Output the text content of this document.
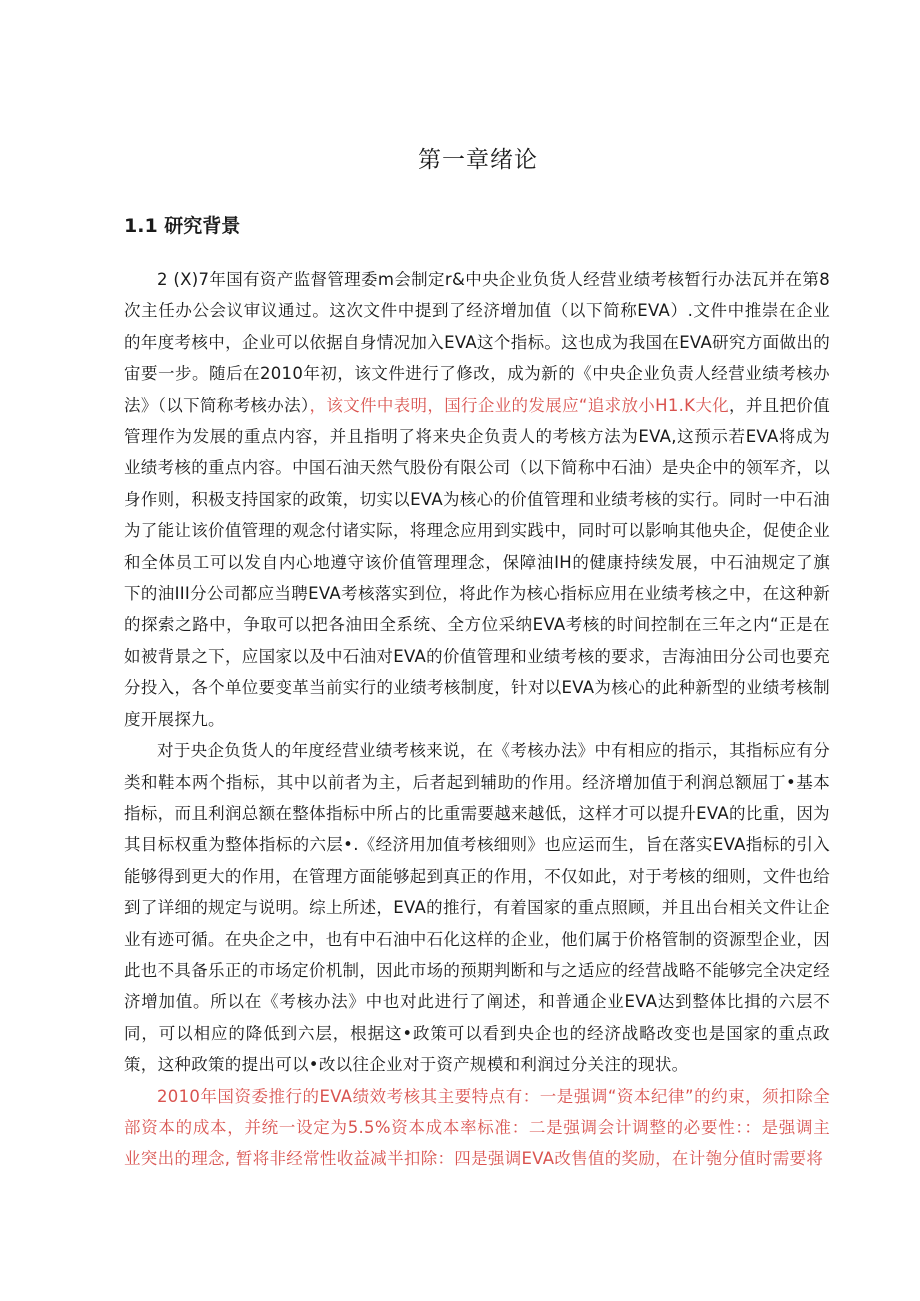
第一章绪论
1.1 研究背景

2 (X)7年国有资产监督管理委m会制定r&中央企业负货人经营业绩考核暂行办法瓦并在第8次主任办公会议审议通过。这次文件中提到了经济增加值（以下简称EVA）.文件中推崇在企业的年度考核中，企业可以依据自身情况加入EVA这个指标。这也成为我国在EVA研究方面做出的宙要一步。随后在2010年初，该文件进行了修改，成为新的《中央企业负责人经营业绩考核办法》（以下简称考核办法），该文件中表明，国行企业的发展应“追求放小H1.K大化，并且把价值管理作为发展的重点内容，并且指明了将来央企负责人的考核方法为EVA,这预示若EVA将成为业绩考核的重点内容。中国石油天然气股份有限公司（以下简称中石油）是央企中的领军齐，以身作则，积极支持国家的政策，切实以EVA为核心的价值管理和业绩考核的实行。同时一中石油为了能让该价值管理的观念付诸实际，将理念应用到实践中，同时可以影响其他央企，促使企业和全体员工可以发自内心地遵守该价值管理理念，保障油IH的健康持续发展，中石油规定了旗下的油III分公司都应当聘EVA考核落实到位，将此作为核心指标应用在业绩考核之中，在这种新的探索之路中，争取可以把各油田全系统、全方位采纳EVA考核的时间控制在三年之内“正是在如被背景之下，应国家以及中石油对EVA的价值管理和业绩考核的要求，吉海油田分公司也要充分投入，各个单位要变革当前实行的业绩考核制度，针对以EVA为核心的此种新型的业绩考核制度开展探九。

对于央企负货人的年度经营业绩考核来说，在《考核办法》中有相应的指示，其指标应有分类和鞋本两个指标，其中以前者为主，后者起到辅助的作用。经济增加值于利润总额屈丁•基本指标，而且利润总额在整体指标中所占的比重需要越来越低，这样才可以提升EVA的比重，因为其目标权重为整体指标的六层•.《经济用加值考核细则》也应运而生，旨在落实EVA指标的引入能够得到更大的作用，在管理方面能够起到真正的作用，不仅如此，对于考核的细则，文件也给到了详细的规定与说明。综上所述，EVA的推行，有着国家的重点照顾，并且出台相关文件让企业有迹可循。在央企之中，也有中石油中石化这样的企业，他们属于价格管制的资源型企业，因此也不具备乐正的市场定价机制，因此市场的预期判断和与之适应的经营战略不能够完全决定经济增加值。所以在《考核办法》中也对此进行了阐述，和普通企业EVA达到整体比揖的六层不同，可以相应的降低到六层，根据这•政策可以看到央企也的经济战略改变也是国家的重点政策，这种政策的提出可以•改以往企业对于资产规模和利润过分关注的现状。

2010年国资委推行的EVA绩效考核其主要特点有：一是强调“资本纪律”的约束，须扣除全部资本的成本，并统一设定为5.5%资本成本率标准：二是强调会计调整的必要性：：是强调主业突出的理念, 暂将非经常性收益减半扣除：四是强调EVA改售值的奖励，在计匏分值时需要将
